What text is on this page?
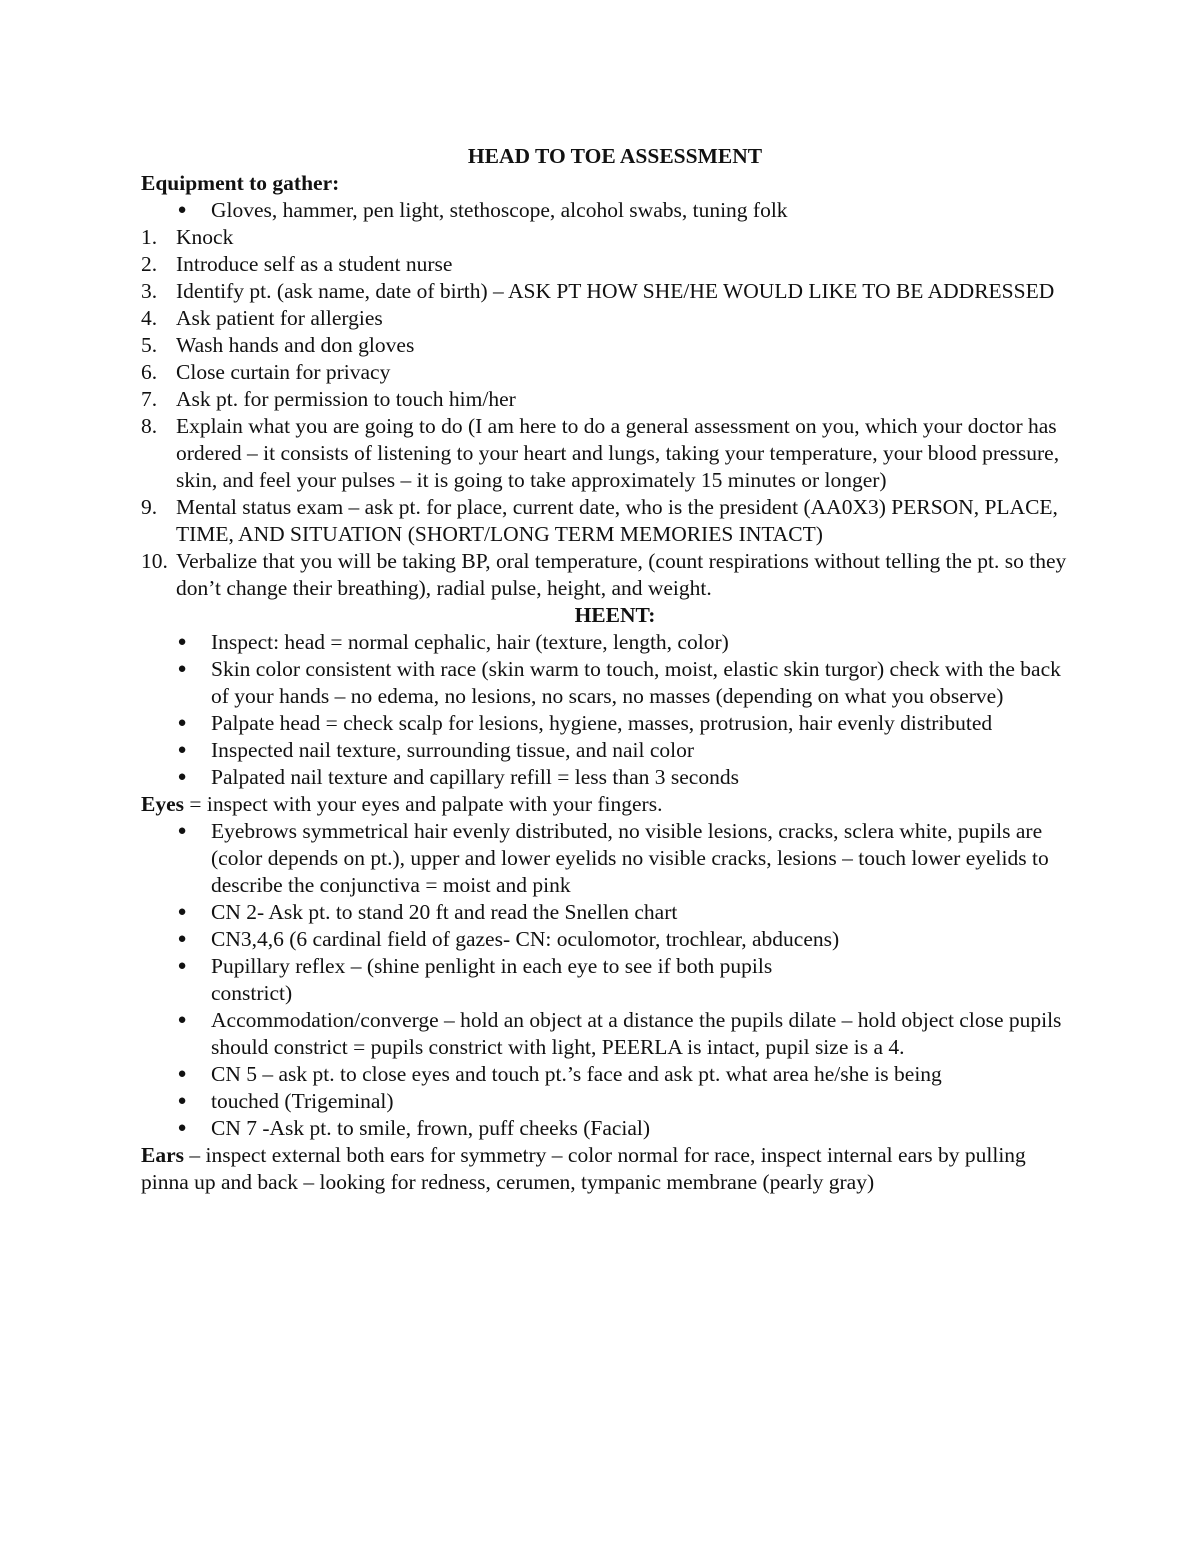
HEAD TO TOE ASSESSMENT

Equipment to gather:

● Gloves, hammer, pen light, stethoscope, alcohol swabs, tuning folk
1. Knock
2. Introduce self as a student nurse
3. Identify pt. (ask name, date of birth) – ASK PT HOW SHE/HE WOULD LIKE TO BE ADDRESSED
4. Ask patient for allergies
5. Wash hands and don gloves
6. Close curtain for privacy
7. Ask pt. for permission to touch him/her
8. Explain what you are going to do (I am here to do a general assessment on you, which your doctor has ordered – it consists of listening to your heart and lungs, taking your temperature, your blood pressure, skin, and feel your pulses – it is going to take approximately 15 minutes or longer)
9. Mental status exam – ask pt. for place, current date, who is the president (AA0X3) PERSON, PLACE, TIME, AND SITUATION (SHORT/LONG TERM MEMORIES INTACT)
10. Verbalize that you will be taking BP, oral temperature, (count respirations without telling the pt. so they don’t change their breathing), radial pulse, height, and weight.

HEENT:

● Inspect: head = normal cephalic, hair (texture, length, color)
● Skin color consistent with race (skin warm to touch, moist, elastic skin turgor) check with the back of your hands – no edema, no lesions, no scars, no masses (depending on what you observe)
● Palpate head = check scalp for lesions, hygiene, masses, protrusion, hair evenly distributed
● Inspected nail texture, surrounding tissue, and nail color
● Palpated nail texture and capillary refill = less than 3 seconds

Eyes = inspect with your eyes and palpate with your fingers.

● Eyebrows symmetrical hair evenly distributed, no visible lesions, cracks, sclera white, pupils are (color depends on pt.), upper and lower eyelids no visible cracks, lesions – touch lower eyelids to describe the conjunctiva = moist and pink
● CN 2- Ask pt. to stand 20 ft and read the Snellen chart
● CN3,4,6 (6 cardinal field of gazes- CN: oculomotor, trochlear, abducens)
● Pupillary reflex – (shine penlight in each eye to see if both pupils
constrict)
● Accommodation/converge – hold an object at a distance the pupils dilate – hold object close pupils should constrict = pupils constrict with light, PEERLA is intact, pupil size is a 4.
● CN 5 – ask pt. to close eyes and touch pt.’s face and ask pt. what area he/she is being
● touched (Trigeminal)
● CN 7 -Ask pt. to smile, frown, puff cheeks (Facial)

Ears – inspect external both ears for symmetry – color normal for race, inspect internal ears by pulling pinna up and back – looking for redness, cerumen, tympanic membrane (pearly gray)
